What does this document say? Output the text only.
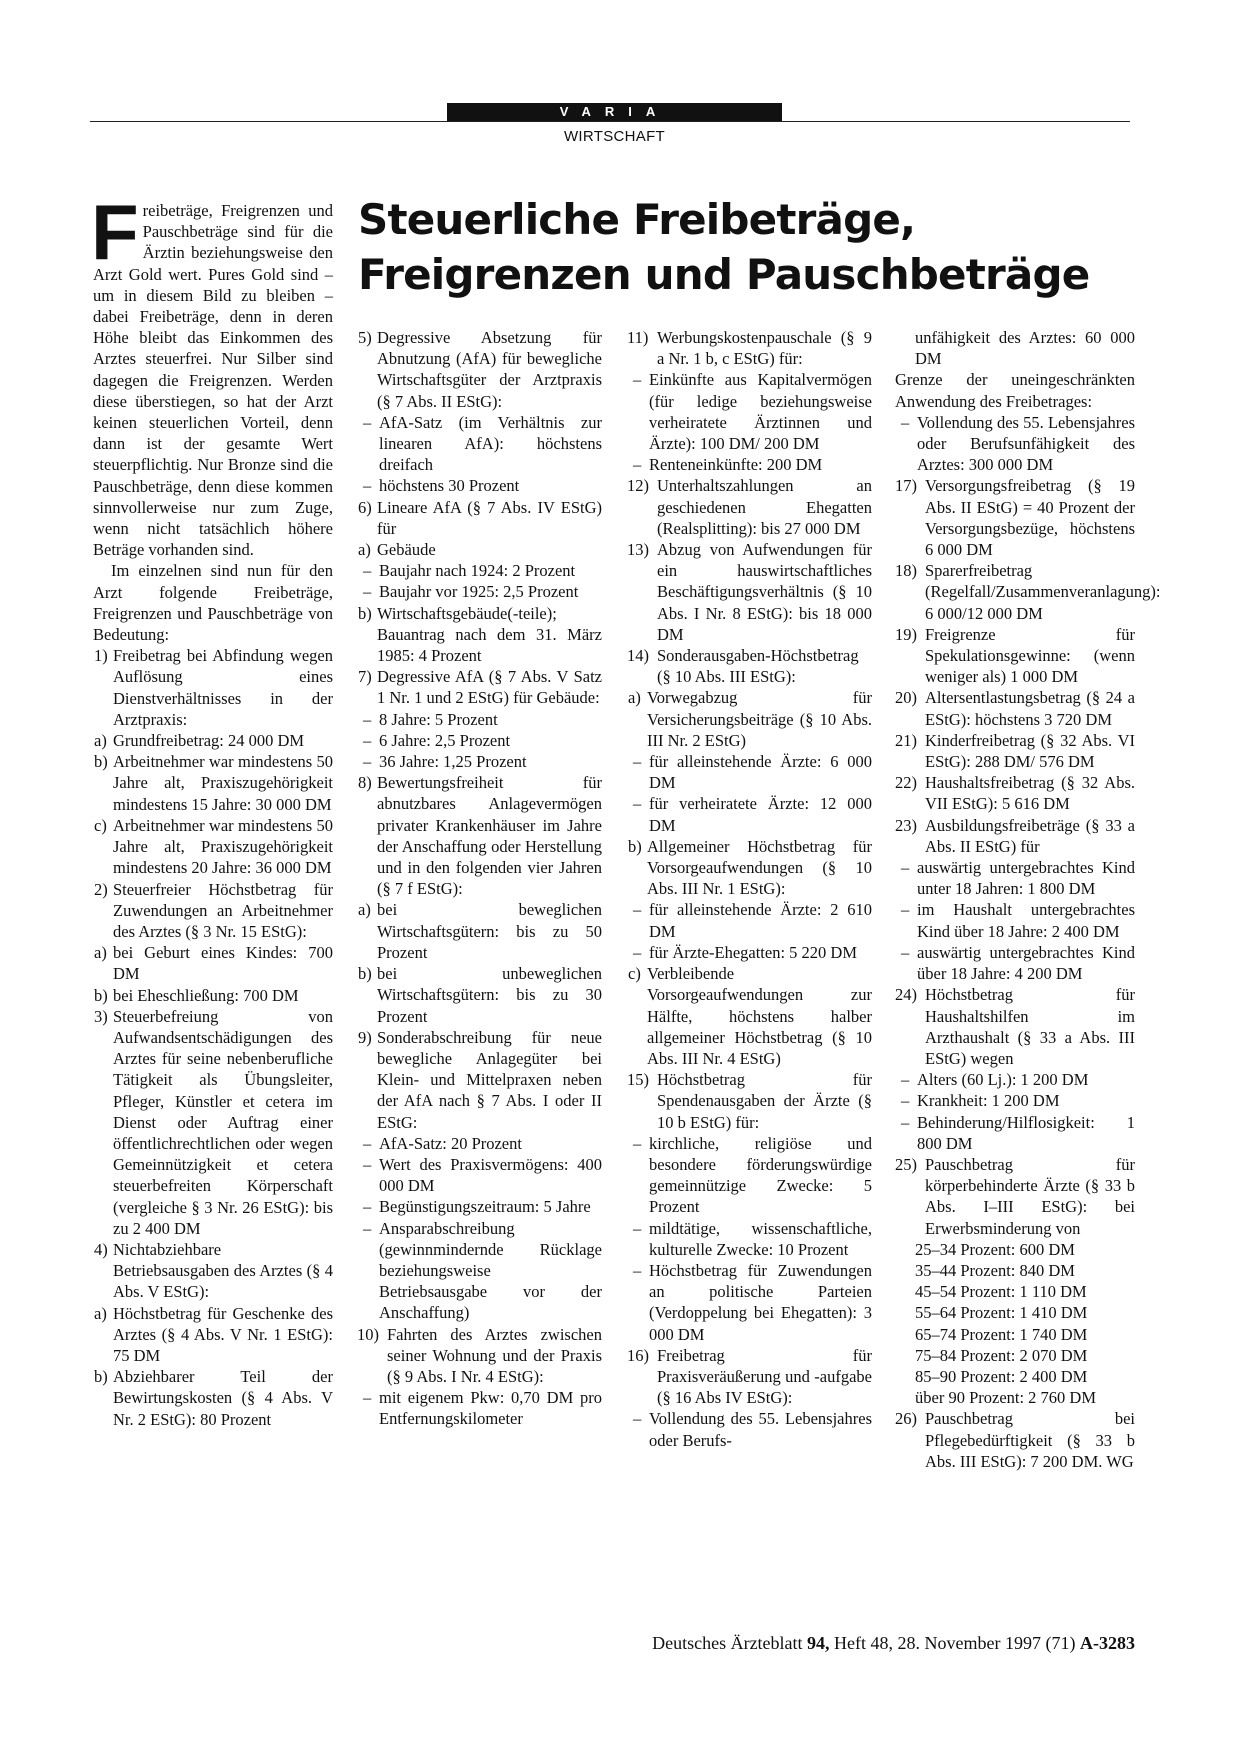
VARIA
WIRTSCHAFT
Steuerliche Freibeträge,
Freigrenzen und Pauschbeträge
F reibeträge, Freigrenzen und Pauschbeträge sind für die Ärztin beziehungsweise den Arzt Gold wert. Pures Gold sind – um in diesem Bild zu bleiben – dabei Freibeträge, denn in deren Höhe bleibt das Einkommen des Arztes steuerfrei. Nur Silber sind dagegen die Freigrenzen. Werden diese überstiegen, so hat der Arzt keinen steuerlichen Vorteil, denn dann ist der gesamte Wert steuerpflichtig. Nur Bronze sind die Pauschbeträge, denn diese kommen sinnvollerweise nur zum Zuge, wenn nicht tatsächlich höhere Beträge vorhanden sind.

Im einzelnen sind nun für den Arzt folgende Freibeträge, Freigrenzen und Pauschbeträge von Bedeutung:

1) Freibetrag bei Abfindung wegen Auflösung eines Dienstverhältnisses in der Arztpraxis:
a) Grundfreibetrag: 24 000 DM
b) Arbeitnehmer war mindestens 50 Jahre alt, Praxiszugehörigkeit mindestens 15 Jahre: 30 000 DM
c) Arbeitnehmer war mindestens 50 Jahre alt, Praxiszugehörigkeit mindestens 20 Jahre: 36 000 DM
2) Steuerfreier Höchstbetrag für Zuwendungen an Arbeitnehmer des Arztes (§ 3 Nr. 15 EStG):
a) bei Geburt eines Kindes: 700 DM
b) bei Eheschließung: 700 DM
3) Steuerbefreiung von Aufwandsentschädigungen des Arztes für seine nebenberufliche Tätigkeit als Übungsleiter, Pfleger, Künstler et cetera im Dienst oder Auftrag einer öffentlichrechtlichen oder wegen Gemeinnützigkeit et cetera steuerbefreiten Körperschaft (vergleiche § 3 Nr. 26 EStG): bis zu 2 400 DM
4) Nichtabziehbare Betriebsausgaben des Arztes (§ 4 Abs. V EStG):
a) Höchstbetrag für Geschenke des Arztes (§ 4 Abs. V Nr. 1 EStG): 75 DM
b) Abziehbarer Teil der Bewirtungskosten (§ 4 Abs. V Nr. 2 EStG): 80 Prozent
5) Degressive Absetzung für Abnutzung (AfA) für bewegliche Wirtschaftsgüter der Arztpraxis (§ 7 Abs. II EStG):
– AfA-Satz (im Verhältnis zur linearen AfA): höchstens dreifach
– höchstens 30 Prozent
6) Lineare AfA (§ 7 Abs. IV EStG) für
a) Gebäude
– Baujahr nach 1924: 2 Prozent
– Baujahr vor 1925: 2,5 Prozent
b) Wirtschaftsgebäude(-teile); Bauantrag nach dem 31. März 1985: 4 Prozent
7) Degressive AfA (§ 7 Abs. V Satz 1 Nr. 1 und 2 EStG) für Gebäude:
– 8 Jahre: 5 Prozent
– 6 Jahre: 2,5 Prozent
– 36 Jahre: 1,25 Prozent
8) Bewertungsfreiheit für abnutzbares Anlagevermögen privater Krankenhäuser im Jahre der Anschaffung oder Herstellung und in den folgenden vier Jahren (§ 7 f EStG):
a) bei beweglichen Wirtschaftsgütern: bis zu 50 Prozent
b) bei unbeweglichen Wirtschaftsgütern: bis zu 30 Prozent
9) Sonderabschreibung für neue bewegliche Anlagegüter bei Klein- und Mittelpraxen neben der AfA nach § 7 Abs. I oder II EStG:
– AfA-Satz: 20 Prozent
– Wert des Praxisvermögens: 400 000 DM
– Begünstigungszeitraum: 5 Jahre
– Ansparabschreibung (gewinnmindernde Rücklage beziehungsweise Betriebsausgabe vor der Anschaffung)
10) Fahrten des Arztes zwischen seiner Wohnung und der Praxis (§ 9 Abs. I Nr. 4 EStG):
– mit eigenem Pkw: 0,70 DM pro Entfernungskilometer
11) Werbungskostenpauschale (§ 9 a Nr. 1 b, c EStG) für:
– Einkünfte aus Kapitalvermögen (für ledige beziehungsweise verheiratete Ärztinnen und Ärzte): 100 DM/ 200 DM
– Renteneinkünfte: 200 DM
12) Unterhaltszahlungen an geschiedenen Ehegatten (Realsplitting): bis 27 000 DM
13) Abzug von Aufwendungen für ein hauswirtschaftliches Beschäftigungsverhältnis (§ 10 Abs. I Nr. 8 EStG): bis 18 000 DM
14) Sonderausgaben-Höchstbetrag (§ 10 Abs. III EStG):
a) Vorwegabzug für Versicherungsbeiträge (§ 10 Abs. III Nr. 2 EStG)
– für alleinstehende Ärzte: 6 000 DM
– für verheiratete Ärzte: 12 000 DM
b) Allgemeiner Höchstbetrag für Vorsorgeaufwendungen (§ 10 Abs. III Nr. 1 EStG):
– für alleinstehende Ärzte: 2 610 DM
– für Ärzte-Ehegatten: 5 220 DM
c) Verbleibende Vorsorgeaufwendungen zur Hälfte, höchstens halber allgemeiner Höchstbetrag (§ 10 Abs. III Nr. 4 EStG)
15) Höchstbetrag für Spendenausgaben der Ärzte (§ 10 b EStG) für:
– kirchliche, religiöse und besondere förderungswürdige gemeinnützige Zwecke: 5 Prozent
– mildtätige, wissenschaftliche, kulturelle Zwecke: 10 Prozent
– Höchstbetrag für Zuwendungen an politische Parteien (Verdoppelung bei Ehegatten): 3 000 DM
16) Freibetrag für Praxisveräußerung und -aufgabe (§ 16 Abs IV EStG):
– Vollendung des 55. Lebensjahres oder Berufs-
unfähigkeit des Arztes: 60 000 DM
Grenze der uneingeschränkten Anwendung des Freibetrages:
– Vollendung des 55. Lebensjahres oder Berufsunfähigkeit des Arztes: 300 000 DM
17) Versorgungsfreibetrag (§ 19 Abs. II EStG) = 40 Prozent der Versorgungsbezüge, höchstens 6 000 DM
18) Sparerfreibetrag (Regelfall/Zusammenveranlagung): 6 000/12 000 DM
19) Freigrenze für Spekulationsgewinne: (wenn weniger als) 1 000 DM
20) Altersentlastungsbetrag (§ 24 a EStG): höchstens 3 720 DM
21) Kinderfreibetrag (§ 32 Abs. VI EStG): 288 DM/ 576 DM
22) Haushaltsfreibetrag (§ 32 Abs. VII EStG): 5 616 DM
23) Ausbildungsfreibeträge (§ 33 a Abs. II EStG) für
– auswärtig untergebrachtes Kind unter 18 Jahren: 1 800 DM
– im Haushalt untergebrachtes Kind über 18 Jahre: 2 400 DM
– auswärtig untergebrachtes Kind über 18 Jahre: 4 200 DM
24) Höchstbetrag für Haushaltshilfen im Arzthaushalt (§ 33 a Abs. III EStG) wegen
– Alters (60 Lj.): 1 200 DM
– Krankheit: 1 200 DM
– Behinderung/Hilflosigkeit: 1 800 DM
25) Pauschbetrag für körperbehinderte Ärzte (§ 33 b Abs. I–III EStG): bei Erwerbsminderung von
25–34 Prozent: 600 DM
35–44 Prozent: 840 DM
45–54 Prozent: 1 110 DM
55–64 Prozent: 1 410 DM
65–74 Prozent: 1 740 DM
75–84 Prozent: 2 070 DM
85–90 Prozent: 2 400 DM
über 90 Prozent: 2 760 DM
26) Pauschbetrag bei Pflegebedürftigkeit (§ 33 b Abs. III EStG): 7 200 DM. WG
Deutsches Ärzteblatt 94, Heft 48, 28. November 1997 (71) A-3283
